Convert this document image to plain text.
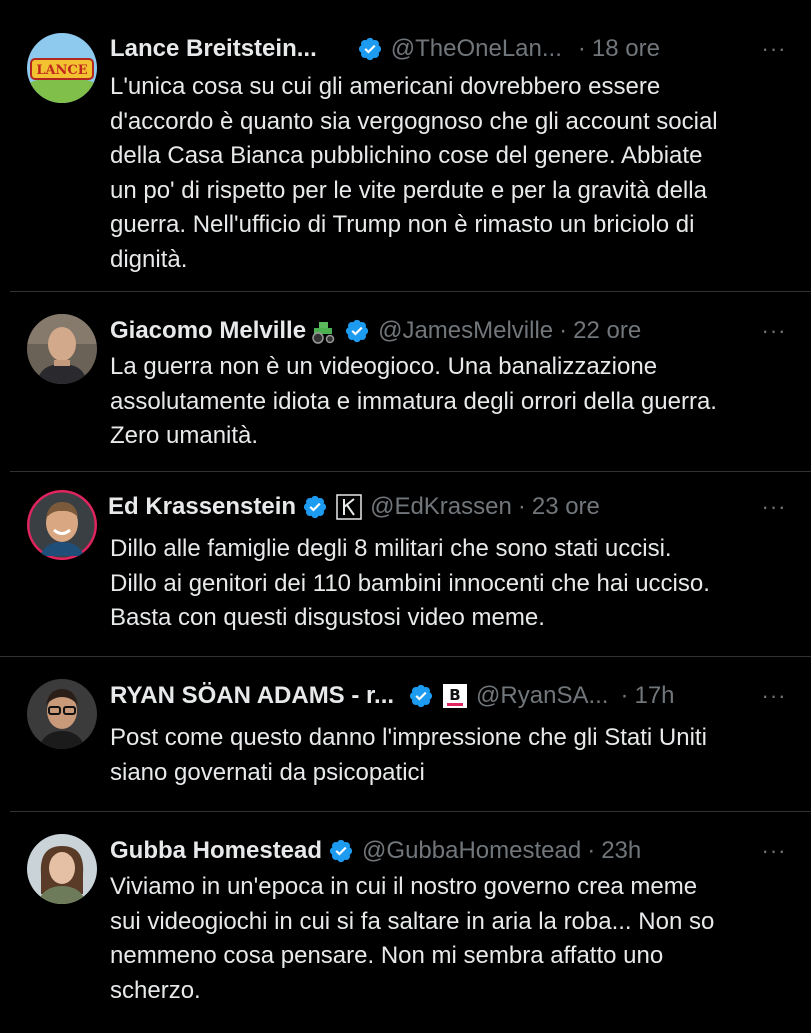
LANCE
Lance Breitstein...	@TheOneLan... · 18 ore	···
L'unica cosa su cui gli americani dovrebbero essere
d'accordo è quanto sia vergognoso che gli account social
della Casa Bianca pubblichino cose del genere. Abbiate
un po' di rispetto per le vite perdute e per la gravità della
guerra. Nell'ufficio di Trump non è rimasto un briciolo di
dignità.
Giacomo Melville	@JamesMelville · 22 ore	···
La guerra non è un videogioco. Una banalizzazione
assolutamente idiota e immatura degli orrori della guerra.
Zero umanità.
Ed Krassenstein	@EdKrassen · 23 ore	···
Dillo alle famiglie degli 8 militari che sono stati uccisi.
Dillo ai genitori dei 110 bambini innocenti che hai ucciso.
Basta con questi disgustosi video meme.
RYAN SÖAN ADAMS - r...	B @RyanSA... · 17h	···
Post come questo danno l'impressione che gli Stati Uniti
siano governati da psicopatici
Gubba Homestead @GubbaHomestead · 23h	···
Viviamo in un'epoca in cui il nostro governo crea meme
sui videogiochi in cui si fa saltare in aria la roba... Non so
nemmeno cosa pensare. Non mi sembra affatto uno
scherzo.
